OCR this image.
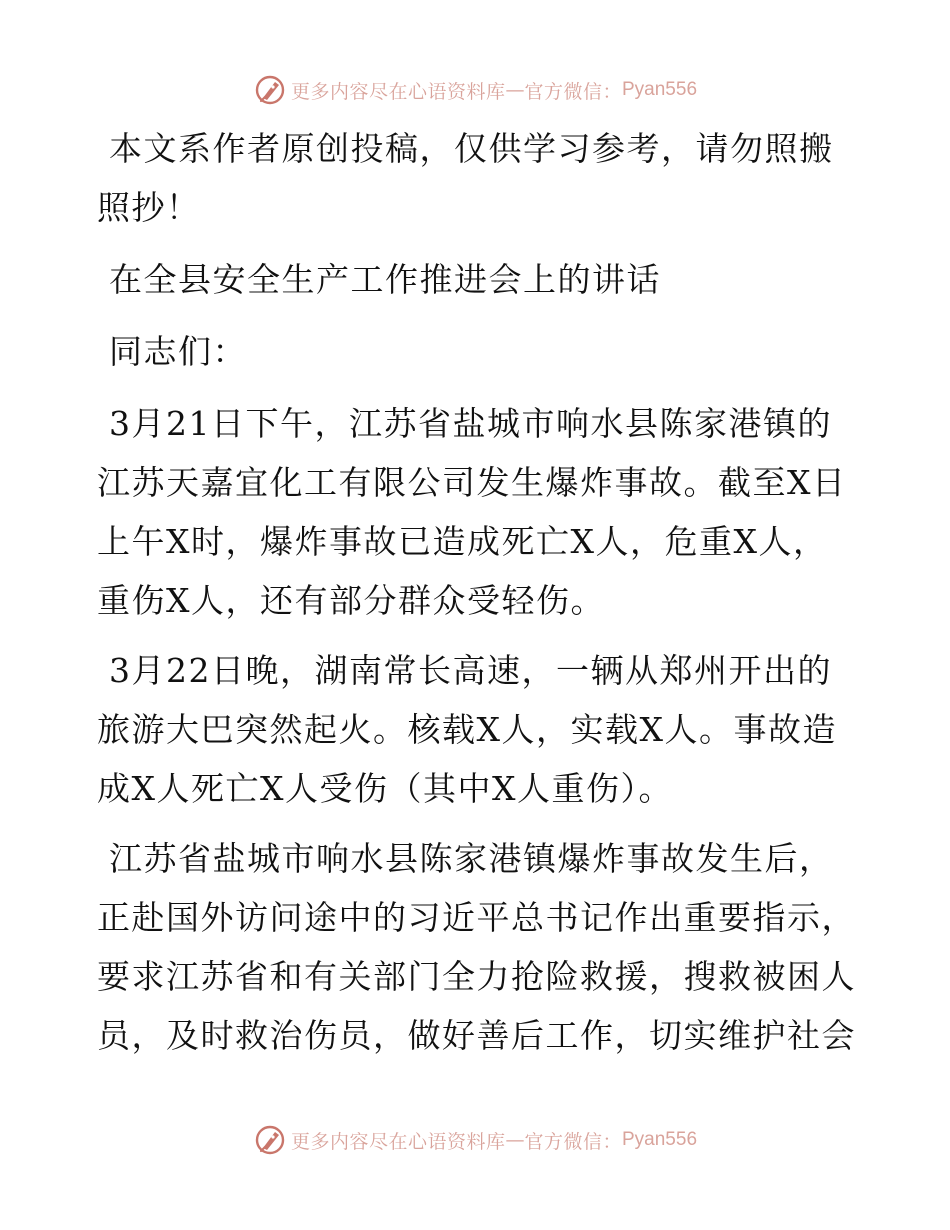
更多内容尽在心语资料库 — 官方微信： Pyan556

本文系作者原创投稿，仅供学习参考，请勿照搬照抄！

在全县安全生产工作推进会上的讲话

同志们：

3月21日下午，江苏省盐城市响水县陈家港镇的江苏天嘉宜化工有限公司发生爆炸事故。截至X日上午X时，爆炸事故已造成死亡X人，危重X人，重伤X人，还有部分群众受轻伤。

3月22日晚，湖南常长高速，一辆从郑州开出的旅游大巴突然起火。核载X人，实载X人。事故造成X人死亡X人受伤（其中X人重伤）。

江苏省盐城市响水县陈家港镇爆炸事故发生后，正赴国外访问途中的习近平总书记作出重要指示，要求江苏省和有关部门全力抢险救援，搜救被困人员，及时救治伤员，做好善后工作，切实维护社会

更多内容尽在心语资料库 — 官方微信： Pyan556
